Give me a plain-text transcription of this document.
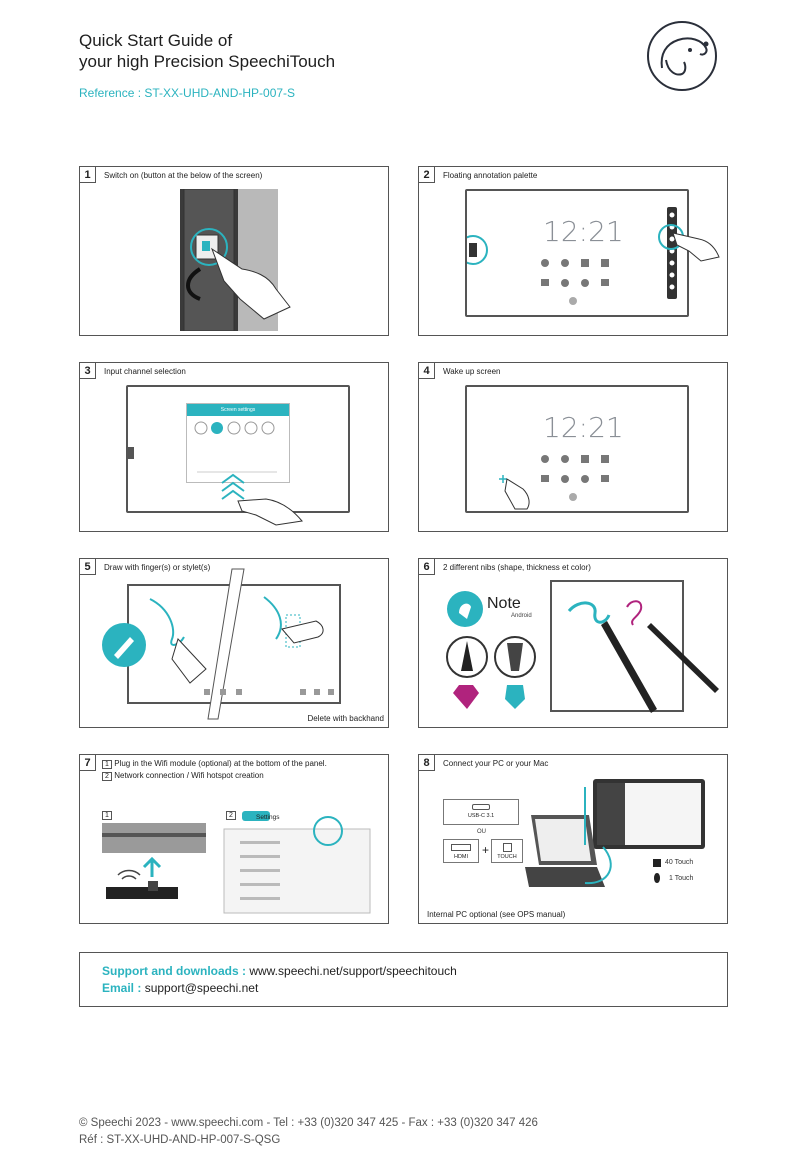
Quick Start Guide of
your high Precision SpeechiTouch
Reference : ST-XX-UHD-AND-HP-007-S
1	Switch on (button at the below of the screen)	2	Floating annotation palette
12:21
3	Input channel selection
Screen settings
4	Wake up screen
12:21
5	Draw with finger(s) or stylet(s)
Delete with backhand
6	2 different nibs (shape, thickness et color)
Note
Android
7	1 Plug in the Wifi module (optional) at the bottom of the panel.
2 Network connection / Wifi hotspot creation
1	2	Settings
8	Connect your PC or your Mac
USB-C 3.1
OU
HDMI	+	TOUCH
40 Touch
1 Touch
Internal PC optional (see OPS manual)
Support and downloads : www.speechi.net/support/speechitouch
Email : support@speechi.net
© Speechi 2023 - www.speechi.com - Tel : +33 (0)320 347 425 - Fax : +33 (0)320 347 426
Réf : ST-XX-UHD-AND-HP-007-S-QSG
